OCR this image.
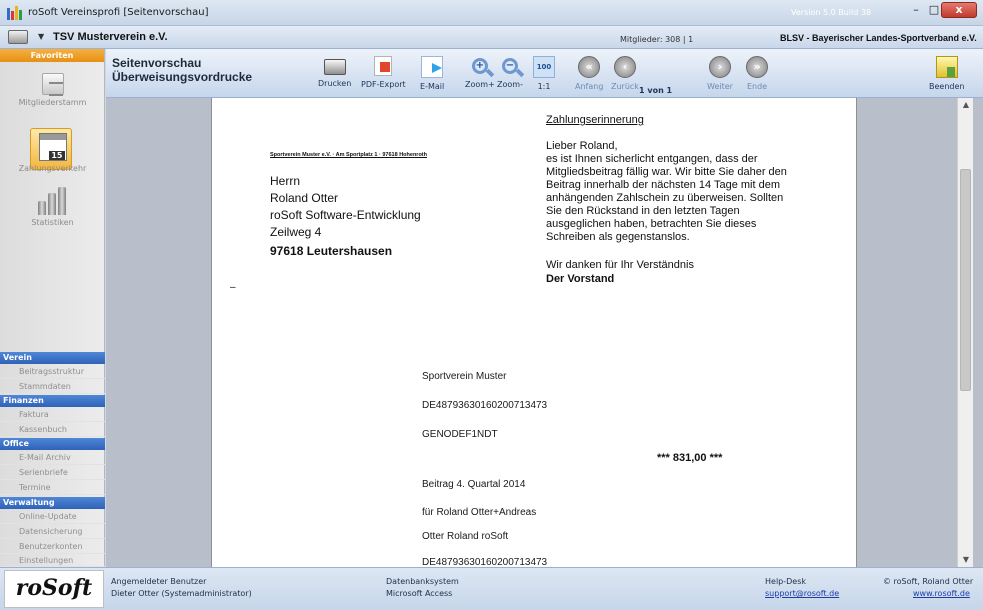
roSoft Vereinsprofi [Seitenvorschau]	Version 5.0 Build 38	– □	x
▼ TSV Musterverein e.V.	Mitglieder: 308 | 1	BLSV - Bayerischer Landes-Sportverband e.V.
Favoriten
Mitgliederstamm
15
Zahlungsverkehr
Statistiken
Verein
Beitragsstruktur
Stammdaten
Finanzen
Faktura
Kassenbuch
Office
E-Mail Archiv
Serienbriefe
Termine
Verwaltung
Online-Update
Datensicherung
Benutzerkonten
Einstellungen
Seitenvorschau
Überweisungsvordrucke	Drucken PDF-Export E-Mail
+
Zoom+
−
Zoom-
100
1:1
«
Anfang
‹
Zurück 1 von 1
›
Weiter
»
Ende	Beenden
Zahlungserinnerung
Sportverein Muster e.V. · Am Sportplatz 1 · 97618 Hohenroth
Herrn
Roland Otter
roSoft Software-Entwicklung
Zeilweg 4
97618 Leutershausen
Lieber Roland,
es ist Ihnen sicherlicht entgangen, dass der
Mitgliedsbeitrag fällig war. Wir bitte Sie daher den
Beitrag innerhalb der nächsten 14 Tage mit dem
anhängenden Zahlschein zu überweisen. Sollten
Sie den Rückstand in den letzten Tagen
ausgeglichen haben, betrachten Sie dieses
Schreiben als gegenstanslos.
Wir danken für Ihr Verständnis
Der Vorstand
–
Sportverein Muster
DE48793630160200713473
GENODEF1NDT
*** 831,00 ***
Beitrag 4. Quartal 2014
für Roland Otter+Andreas
Otter Roland roSoft
DE48793630160200713473
▲
▼
roSoft	Angemeldeter Benutzer
Dieter Otter (Systemadministrator)
Datenbanksystem
Microsoft Access
Help-Desk
support@rosoft.de
© roSoft, Roland Otter
www.rosoft.de
